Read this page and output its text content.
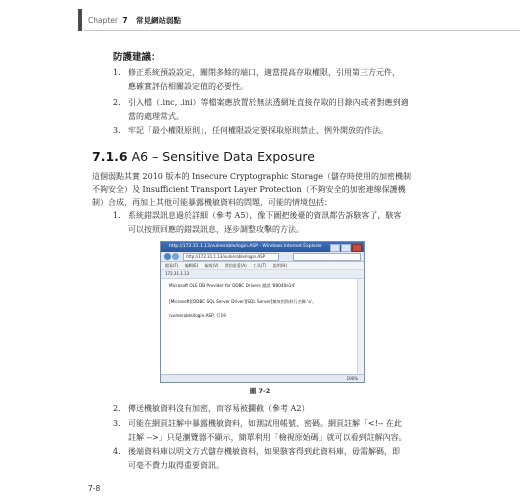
Chapter 7 常見網站弱點
防護建議：
1. 修正系統預設設定，關閉多餘的端口，適當提高存取權限，引用第三方元件，
應確實評估相關設定值的必要性。
2. 引入檔（.inc, .ini）等檔案應放置於無法透網址直接存取的目錄內或者對應到適
當的處理常式。
3. 牢記「最小權限原則」，任何權限設定要採取原則禁止、例外開放的作法。
7.1.6 A6 – Sensitive Data Exposure
這個弱點其實 2010 版本的 Insecure Cryptographic Storage（儲存時使用的加密機制
不夠安全）及 Insufficient Transport Layer Protection（不夠安全的加密連線保護機
制）合成，再加上其他可能暴露機敏資料的問題，可能的情境包括：
1. 系統錯誤訊息過於詳細（參考 A5），像下圖把後臺的資訊都告訴駭客了，駭客
可以按照回應的錯誤訊息，逐步調整攻擊的方法。
http://172.31.1.13/vulnerable/login.ASP - Windows Internet Explorer
http://172.31.1.13/vulnerable/login.ASP
檔案(F) 編輯(E) 檢視(V) 我的最愛(A) 工具(T) 說明(H)
172.31.1.13
Microsoft OLE DB Provider for ODBC Drivers 錯誤 '80040e14'
[Microsoft][ODBC SQL Server Driver][SQL Server]無效的資料行名稱 'a'。
/vulnerable/login.ASP, 行19
100%
圖 7-2
2. 傳送機敏資料沒有加密，而容易被攔截（參考 A2）
3. 可能在網頁註解中暴露機敏資料，如測試用帳號、密碼。網頁註解「<!-- 在此
註解 -->」只是瀏覽器不顯示，簡單利用「檢視原始碼」就可以看到註解內容。
4. 後端資料庫以明文方式儲存機敏資料，如果駭客得到此資料庫，毋需解碼，即
可毫不費力取得重要資訊。
7-8
